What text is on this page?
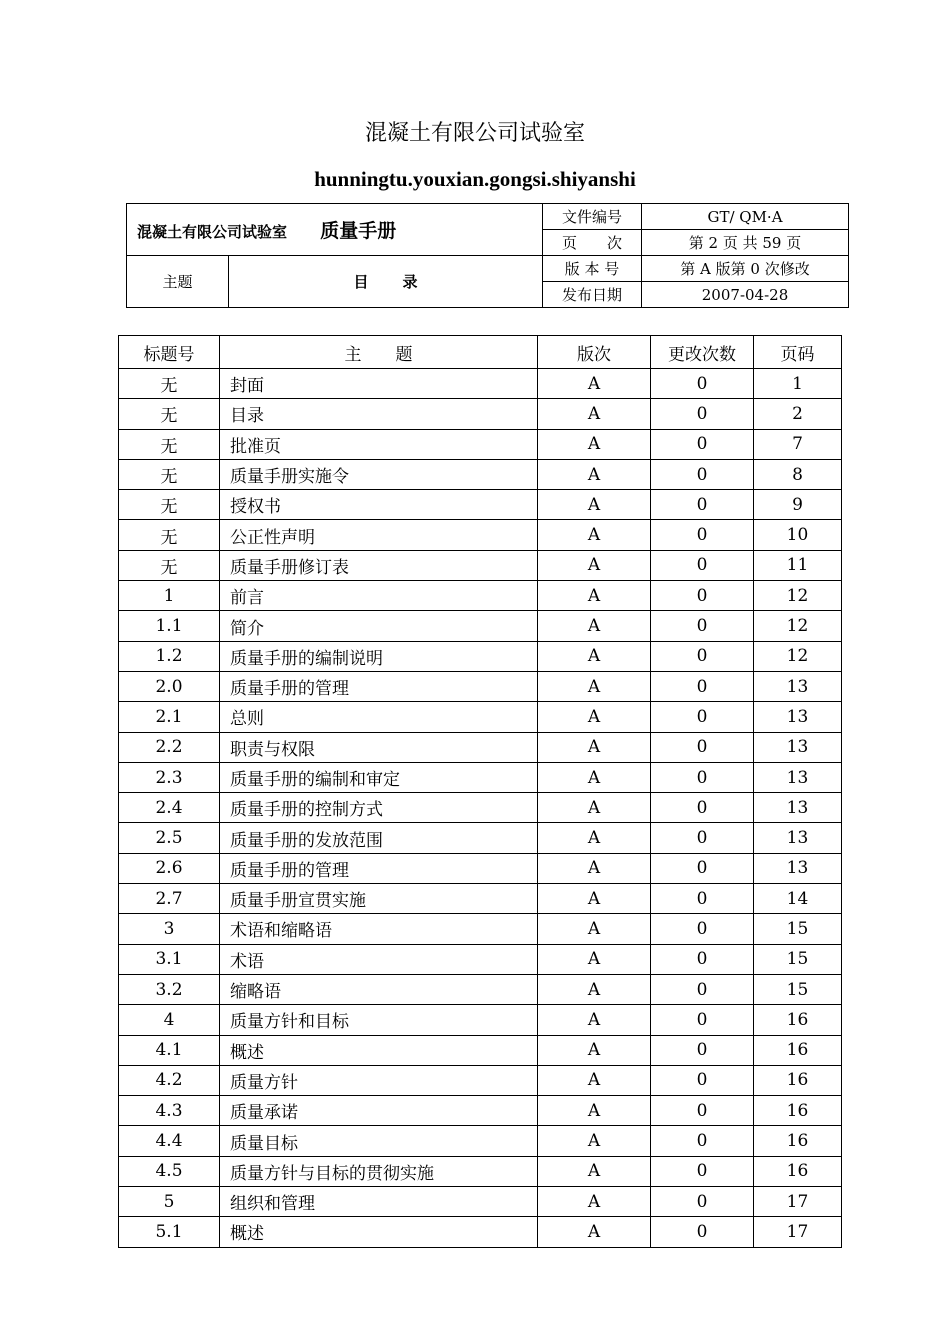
混凝土有限公司试验室
hunningtu.youxian.gongsi.shiyanshi
混凝土有限公司试验室 质量手册		文件编号	GT/ QM·A
		页　　次	第 2 页 共 59 页
主题	目录	版 本 号	第 A 版第 0 次修改
		发布日期	2007-04-28
标题号	主　　题	版次	更改次数	页码
无	封面	A	0	1
无	目录	A	0	2
无	批准页	A	0	7
无	质量手册实施令	A	0	8
无	授权书	A	0	9
无	公正性声明	A	0	10
无	质量手册修订表	A	0	11
1	前言	A	0	12
1.1	简介	A	0	12
1.2	质量手册的编制说明	A	0	12
2.0	质量手册的管理	A	0	13
2.1	总则	A	0	13
2.2	职责与权限	A	0	13
2.3	质量手册的编制和审定	A	0	13
2.4	质量手册的控制方式	A	0	13
2.5	质量手册的发放范围	A	0	13
2.6	质量手册的管理	A	0	13
2.7	质量手册宣贯实施	A	0	14
3	术语和缩略语	A	0	15
3.1	术语	A	0	15
3.2	缩略语	A	0	15
4	质量方针和目标	A	0	16
4.1	概述	A	0	16
4.2	质量方针	A	0	16
4.3	质量承诺	A	0	16
4.4	质量目标	A	0	16
4.5	质量方针与目标的贯彻实施	A	0	16
5	组织和管理	A	0	17
5.1	概述	A	0	17
